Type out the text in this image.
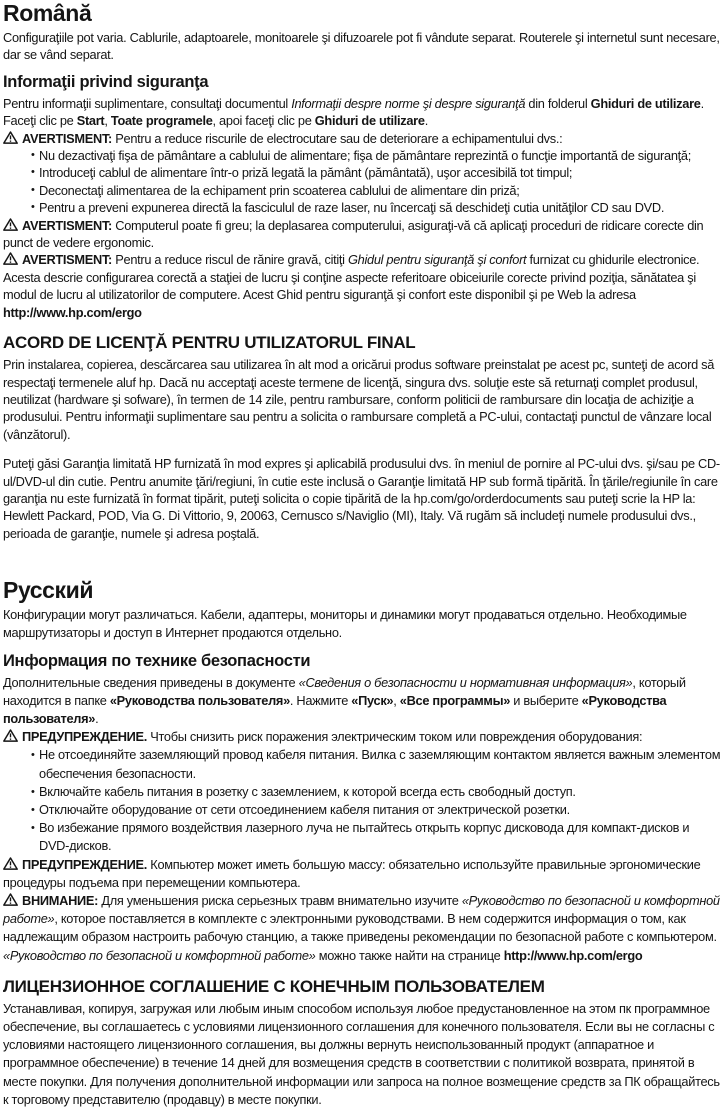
Română

Configuraţiile pot varia. Cablurile, adaptoarele, monitoarele şi difuzoarele pot fi vândute separat. Routerele şi internetul sunt necesare, dar se vând separat.

Informaţii privind siguranţa

Pentru informaţii suplimentare, consultaţi documentul Informaţii despre norme şi despre siguranţă din folderul Ghiduri de utilizare. Faceţi clic pe Start, Toate programele, apoi faceţi clic pe Ghiduri de utilizare.

AVERTISMENT: Pentru a reduce riscurile de electrocutare sau de deteriorare a echipamentului dvs.:

• Nu dezactivaţi fişa de pământare a cablului de alimentare; fişa de pământare reprezintă o funcţie importantă de siguranţă;
• Introduceţi cablul de alimentare într-o priză legată la pământ (pământată), uşor accesibilă tot timpul;
• Deconectaţi alimentarea de la echipament prin scoaterea cablului de alimentare din priză;
• Pentru a preveni expunerea directă la fasciculul de raze laser, nu încercaţi să deschideţi cutia unităţilor CD sau DVD.

AVERTISMENT: Computerul poate fi greu; la deplasarea computerului, asiguraţi-vă că aplicaţi proceduri de ridicare corecte din punct de vedere ergonomic.

AVERTISMENT: Pentru a reduce riscul de rănire gravă, citiţi Ghidul pentru siguranţă şi confort furnizat cu ghidurile electronice. Acesta descrie configurarea corectă a staţiei de lucru şi conţine aspecte referitoare obiceiurile corecte privind poziţia, sănătatea şi modul de lucru al utilizatorilor de computere. Acest Ghid pentru siguranţă şi confort este disponibil şi pe Web la adresa http://www.hp.com/ergo

ACORD DE LICENŢĂ PENTRU UTILIZATORUL FINAL

Prin instalarea, copierea, descărcarea sau utilizarea în alt mod a oricărui produs software preinstalat pe acest pc, sunteţi de acord să respectaţi termenele aluf hp. Dacă nu acceptaţi aceste termene de licenţă, singura dvs. soluţie este să returnaţi complet produsul, neutilizat (hardware şi sofware), în termen de 14 zile, pentru rambursare, conform politicii de rambursare din locaţia de achiziţie a produsului. Pentru informaţii suplimentare sau pentru a solicita o rambursare completă a PC-ului, contactaţi punctul de vânzare local (vânzătorul).

Puteţi găsi Garanţia limitată HP furnizată în mod expres şi aplicabilă produsului dvs. în meniul de pornire al PC-ului dvs. şi/sau pe CD-ul/DVD-ul din cutie. Pentru anumite ţări/regiuni, în cutie este inclusă o Garanţie limitată HP sub formă tipărită. În ţările/regiunile în care garanţia nu este furnizată în format tipărit, puteţi solicita o copie tipărită de la hp.com/go/orderdocuments sau puteţi scrie la HP la: Hewlett Packard, POD, Via G. Di Vittorio, 9, 20063, Cernusco s/Naviglio (MI), Italy. Vă rugăm să includeţi numele produsului dvs., perioada de garanţie, numele şi adresa poştală.

Русский

Конфигурации могут различаться. Кабели, адаптеры, мониторы и динамики могут продаваться отдельно. Необходимые маршрутизаторы и доступ в Интернет продаются отдельно.

Информация по технике безопасности

Дополнительные сведения приведены в документе «Сведения о безопасности и нормативная информация», который находится в папке «Руководства пользователя». Нажмите «Пуск», «Все программы» и выберите «Руководства пользователя».

ПРЕДУПРЕЖДЕНИЕ. Чтобы снизить риск поражения электрическим током или повреждения оборудования:

• Не отсоединяйте заземляющий провод кабеля питания. Вилка с заземляющим контактом является важным элементом обеспечения безопасности.
• Включайте кабель питания в розетку с заземлением, к которой всегда есть свободный доступ.
• Отключайте оборудование от сети отсоединением кабеля питания от электрической розетки.
• Во избежание прямого воздействия лазерного луча не пытайтесь открыть корпус дисковода для компакт-дисков и DVD-дисков.

ПРЕДУПРЕЖДЕНИЕ. Компьютер может иметь большую массу: обязательно используйте правильные эргономические процедуры подъема при перемещении компьютера.

ВНИМАНИЕ: Для уменьшения риска серьезных травм внимательно изучите «Руководство по безопасной и комфортной работе», которое поставляется в комплекте с электронными руководствами. В нем содержится информация о том, как надлежащим образом настроить рабочую станцию, а также приведены рекомендации по безопасной работе с компьютером. «Руководство по безопасной и комфортной работе» можно также найти на странице http://www.hp.com/ergo

ЛИЦЕНЗИОННОЕ СОГЛАШЕНИЕ С КОНЕЧНЫМ ПОЛЬЗОВАТЕЛЕМ

Устанавливая, копируя, загружая или любым иным способом используя любое предустановленное на этом пк программное обеспечение, вы соглашаетесь с условиями лицензионного соглашения для конечного пользователя. Если вы не согласны с условиями настоящего лицензионного соглашения, вы должны вернуть неиспользованный продукт (аппаратное и программное обеспечение) в течение 14 дней для возмещения средств в соответствии с политикой возврата, принятой в месте покупки. Для получения дополнительной информации или запроса на полное возмещение средств за ПК обращайтесь к торговому представителю (продавцу) в месте покупки.
